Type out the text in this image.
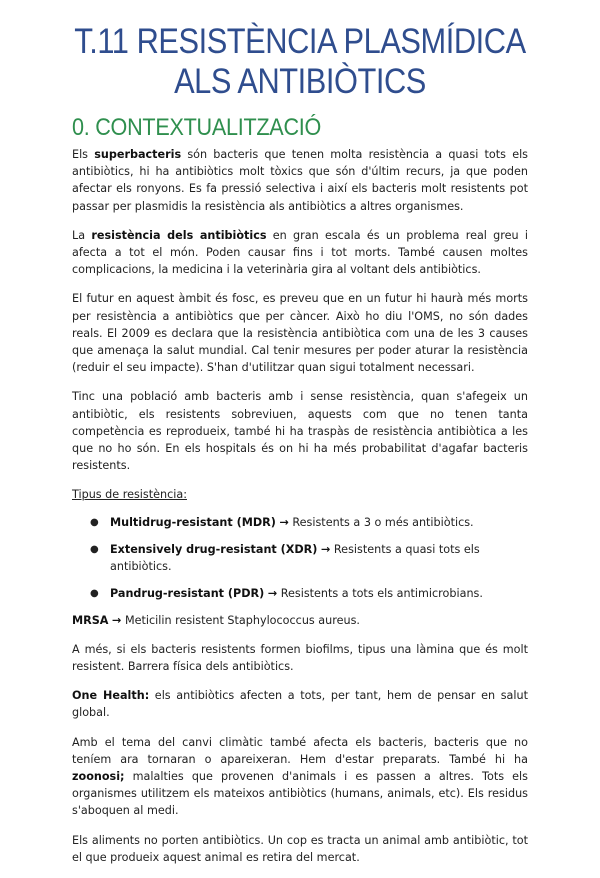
T.11 RESISTÈNCIA PLASMÍDICA ALS ANTIBIÒTICS
0. CONTEXTUALITZACIÓ

Els superbacteris són bacteris que tenen molta resistència a quasi tots els antibiòtics, hi ha antibiòtics molt tòxics que són d'últim recurs, ja que poden afectar els ronyons. Es fa pressió selectiva i així els bacteris molt resistents pot passar per plasmidis la resistència als antibiòtics a altres organismes.

La resistència dels antibiòtics en gran escala és un problema real greu i afecta a tot el món. Poden causar fins i tot morts. També causen moltes complicacions, la medicina i la veterinària gira al voltant dels antibiòtics.

El futur en aquest àmbit és fosc, es preveu que en un futur hi haurà més morts per resistència a antibiòtics que per càncer. Això ho diu l'OMS, no són dades reals. El 2009 es declara que la resistència antibiòtica com una de les 3 causes que amenaça la salut mundial. Cal tenir mesures per poder aturar la resistència (reduir el seu impacte). S'han d'utilitzar quan sigui totalment necessari.

Tinc una població amb bacteris amb i sense resistència, quan s'afegeix un antibiòtic, els resistents sobreviuen, aquests com que no tenen tanta competència es reprodueix, també hi ha traspàs de resistència antibiòtica a les que no ho són. En els hospitals és on hi ha més probabilitat d'agafar bacteris resistents.

Tipus de resistència:

●	Multidrug-resistant (MDR) → Resistents a 3 o més antibiòtics.
●	Extensively drug-resistant (XDR) → Resistents a quasi tots els antibiòtics.
●	Pandrug-resistant (PDR) → Resistents a tots els antimicrobians.

MRSA → Meticilin resistent Staphylococcus aureus.

A més, si els bacteris resistents formen biofilms, tipus una làmina que és molt resistent. Barrera física dels antibiòtics.

One Health: els antibiòtics afecten a tots, per tant, hem de pensar en salut global.

Amb el tema del canvi climàtic també afecta els bacteris, bacteris que no teníem ara tornaran o apareixeran. Hem d'estar preparats. També hi ha zoonosi; malalties que provenen d'animals i es passen a altres. Tots els organismes utilitzem els mateixos antibiòtics (humans, animals, etc). Els residus s'aboquen al medi.

Els aliments no porten antibiòtics. Un cop es tracta un animal amb antibiòtic, tot el que produeix aquest animal es retira del mercat.
